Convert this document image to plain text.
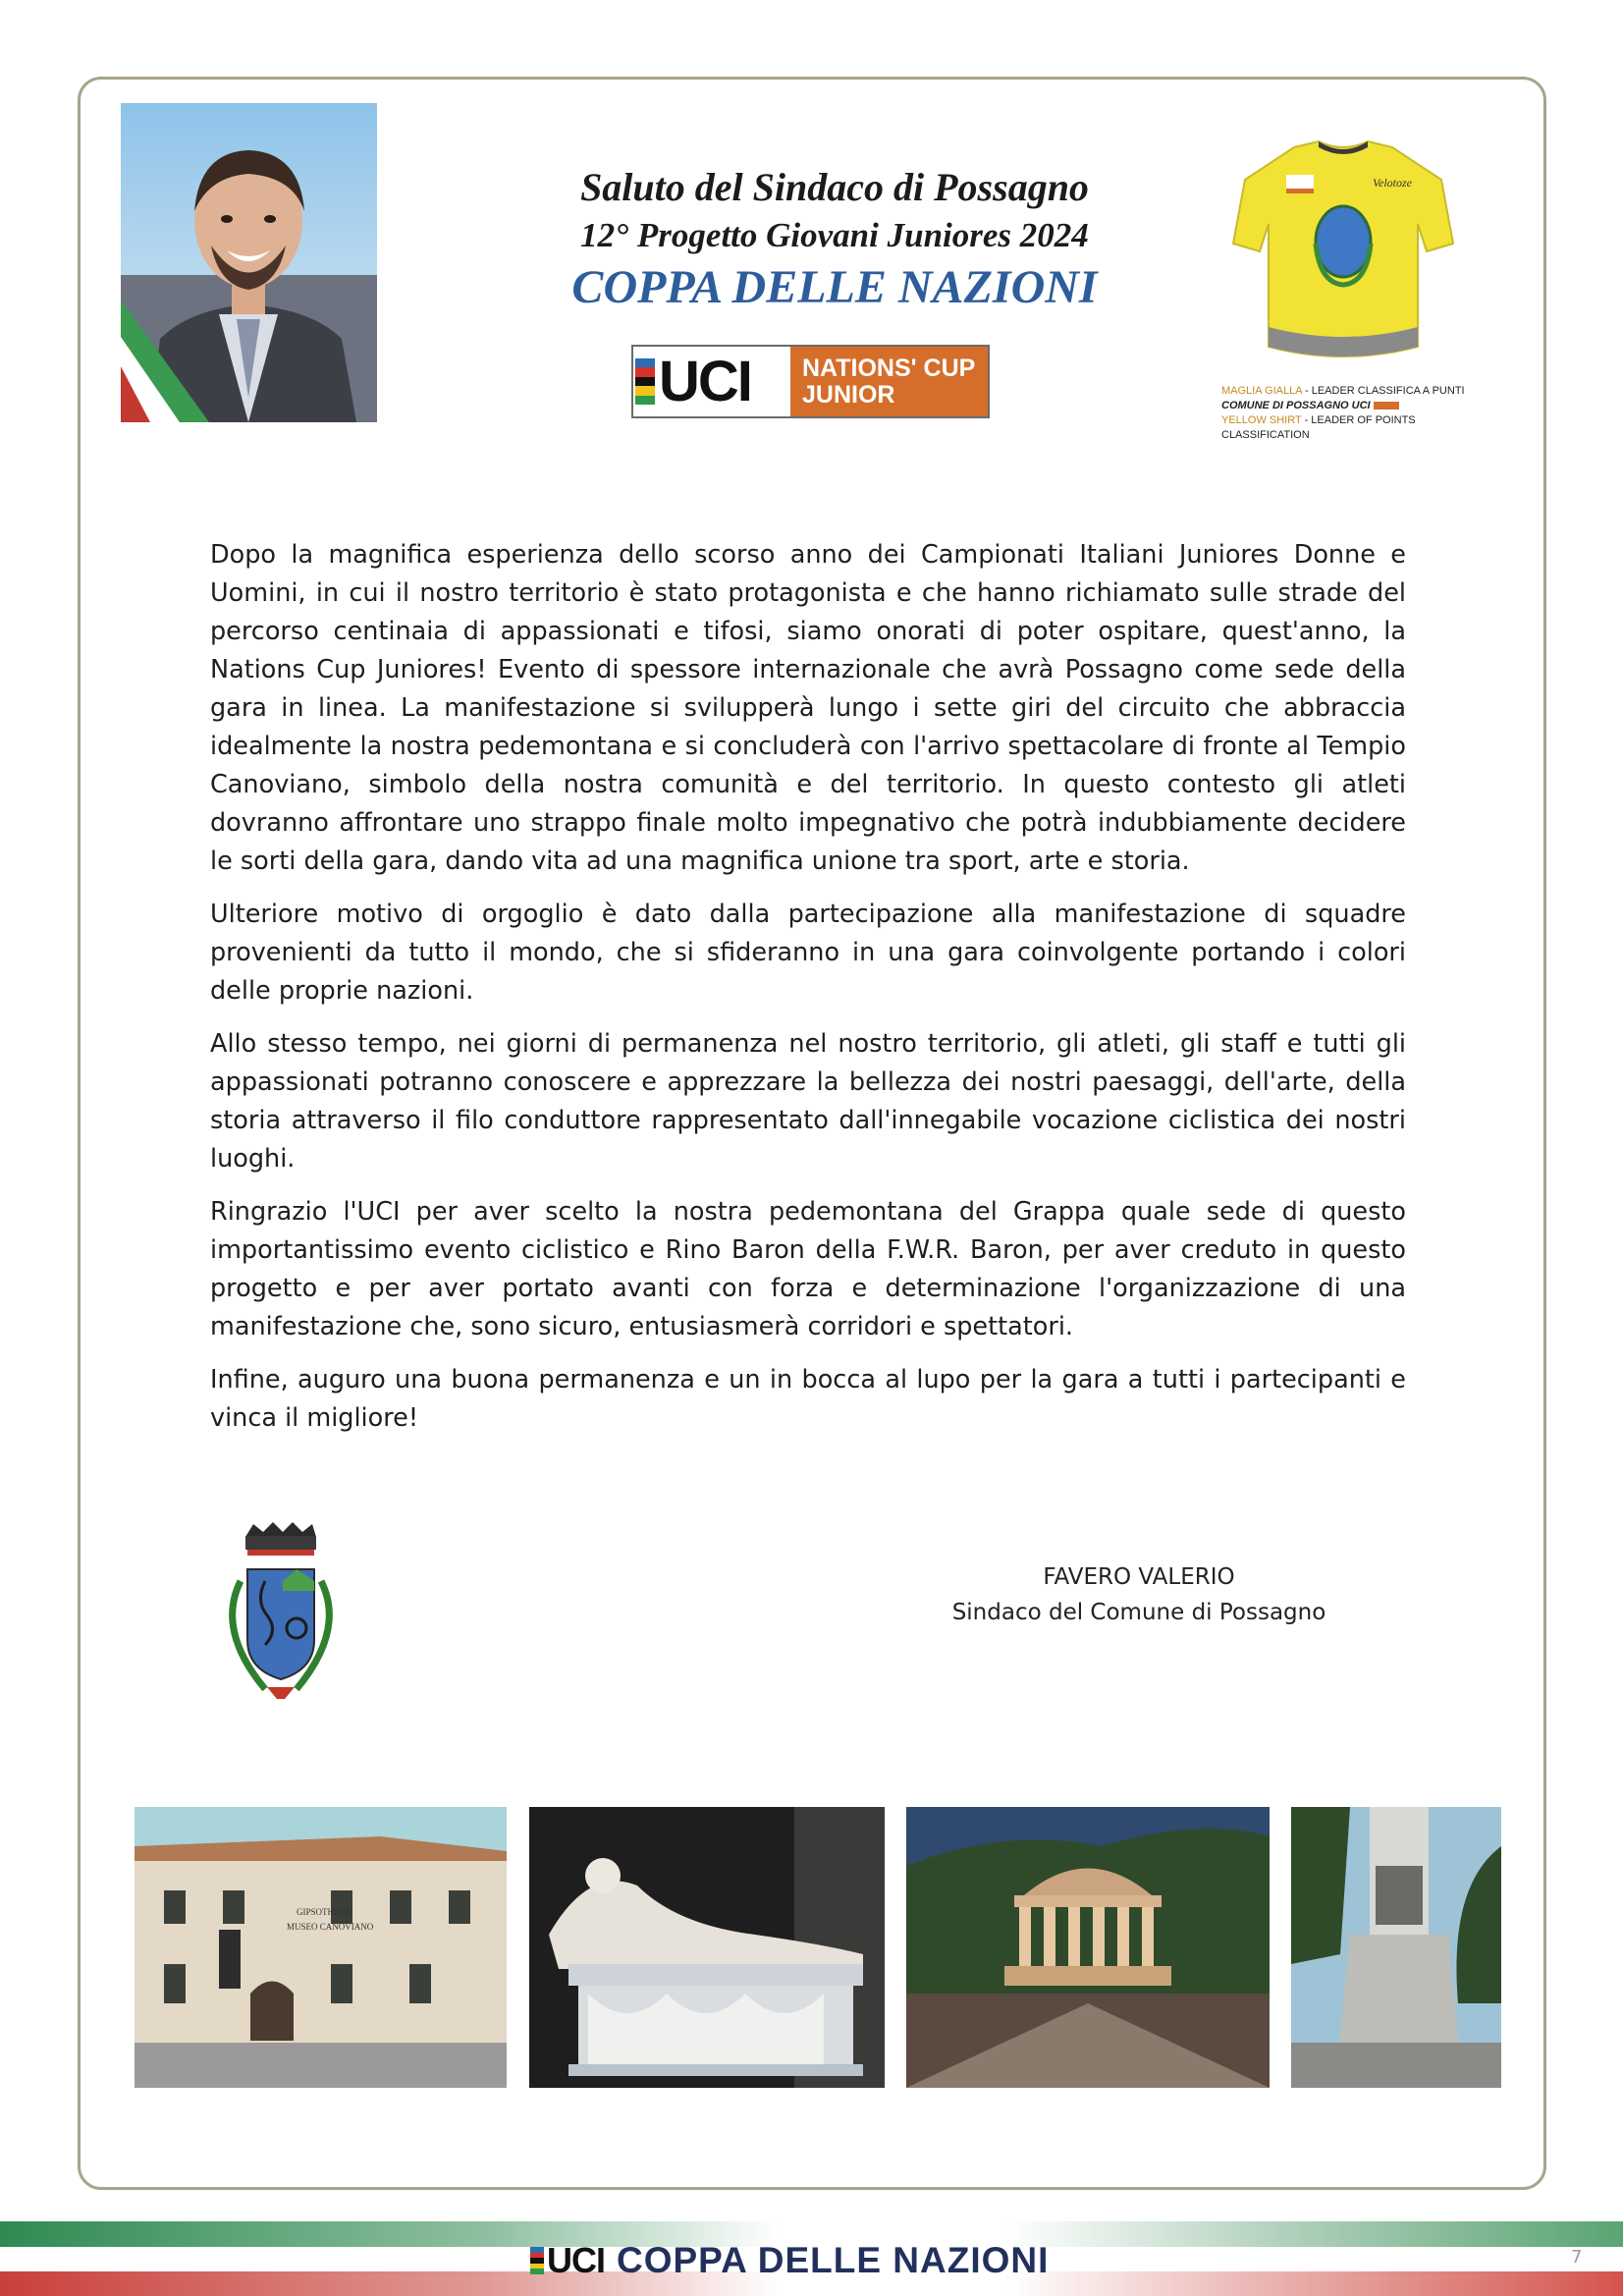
Saluto del Sindaco di Possagno
12° Progetto Giovani Juniores 2024
COPPA DELLE NAZIONI
UCI NATIONS' CUP
JUNIOR
Velotoze
MAGLIA GIALLA - LEADER CLASSIFICA A PUNTI
COMUNE DI POSSAGNO UCI
YELLOW SHIRT - LEADER OF POINTS CLASSIFICATION

Dopo la magnifica esperienza dello scorso anno dei Campionati Italiani Juniores Donne e Uomini, in cui il nostro territorio è stato protagonista e che hanno richiamato sulle strade del percorso centinaia di appassionati e tifosi, siamo onorati di poter ospitare, quest'anno, la Nations Cup Juniores! Evento di spessore internazionale che avrà Possagno come sede della gara in linea. La manifestazione si svilupperà lungo i sette giri del circuito che abbraccia idealmente la nostra pedemontana e si concluderà con l'arrivo spettacolare di fronte al Tempio Canoviano, simbolo della nostra comunità e del territorio. In questo contesto gli atleti dovranno affrontare uno strappo finale molto impegnativo che potrà indubbiamente decidere le sorti della gara, dando vita ad una magnifica unione tra sport, arte e storia.

Ulteriore motivo di orgoglio è dato dalla partecipazione alla manifestazione di squadre provenienti da tutto il mondo, che si sfideranno in una gara coinvolgente portando i colori delle proprie nazioni.

Allo stesso tempo, nei giorni di permanenza nel nostro territorio, gli atleti, gli staff e tutti gli appassionati potranno conoscere e apprezzare la bellezza dei nostri paesaggi, dell'arte, della storia attraverso il filo conduttore rappresentato dall'innegabile vocazione ciclistica dei nostri luoghi.

Ringrazio l'UCI per aver scelto la nostra pedemontana del Grappa quale sede di questo importantissimo evento ciclistico e Rino Baron della F.W.R. Baron, per aver creduto in questo progetto e per aver portato avanti con forza e determinazione l'organizzazione di una manifestazione che, sono sicuro, entusiasmerà corridori e spettatori.

Infine, auguro una buona permanenza e un in bocca al lupo per la gara a tutti i partecipanti e vinca il migliore!

FAVERO VALERIO
Sindaco del Comune di Possagno
GIPSOTHECA
MUSEO CANOVIANO
UCI COPPA DELLE NAZIONI	7
